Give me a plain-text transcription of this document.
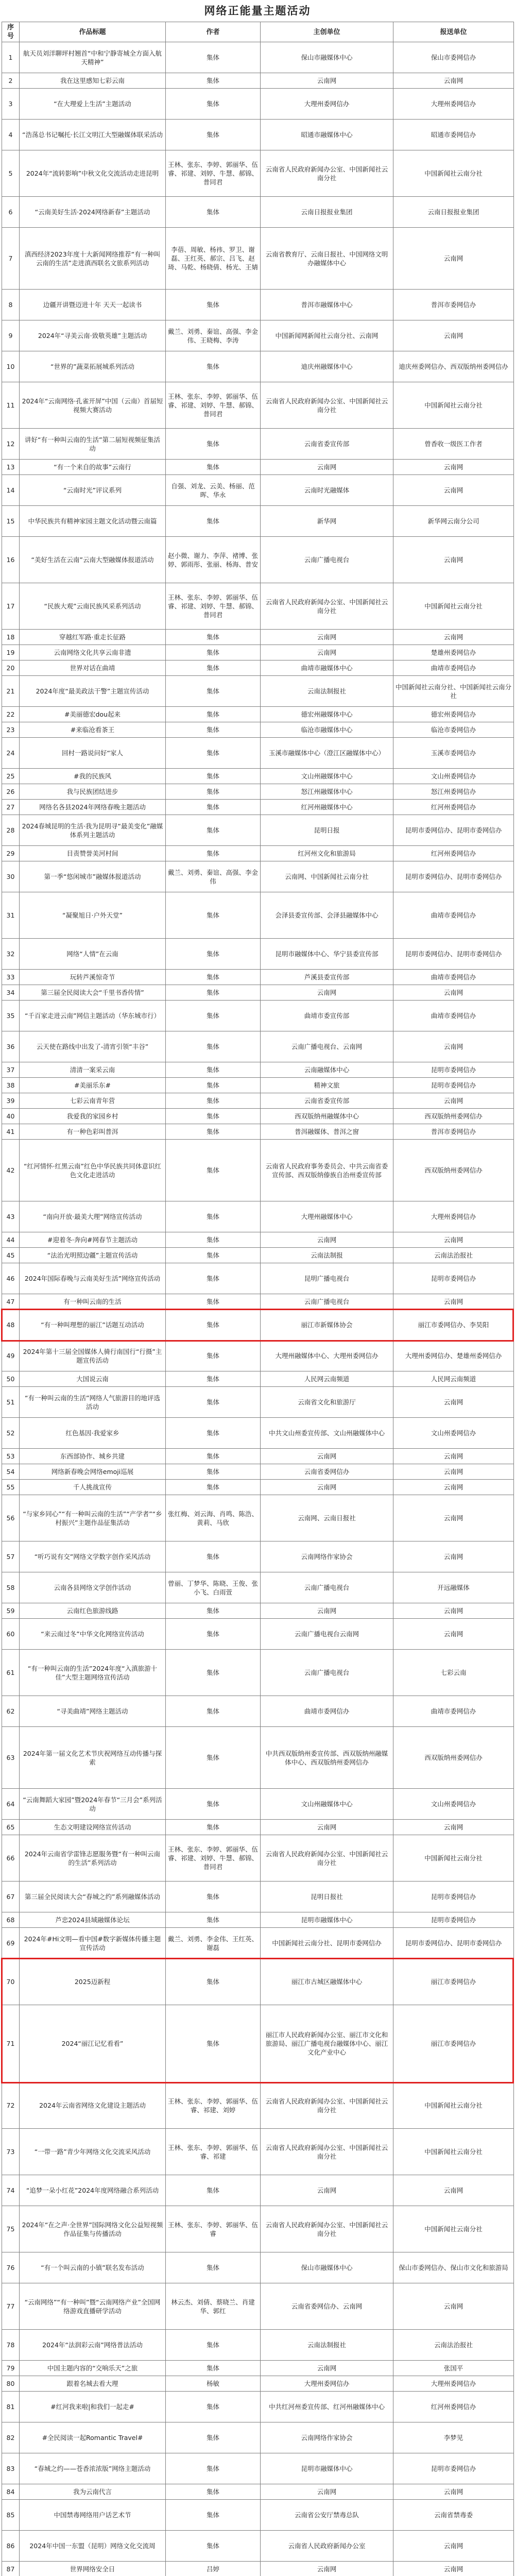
网络正能量主题活动
序号	作品标题	作者	主创单位	报送单位
1	航天员刘洋聊坪村翘首“中和宁静寄城全方面入航天精神”	集体	保山市融媒体中心	保山市委网信办
2	我在这里感知七彩云南	集体	云南网	云南网
3	“在大理爱上生活”主题活动	集体	大理州委网信办	大理州委网信办
4	“浩荡总书记嘱托·长江文明江大型融媒体联采活动	集体	昭通市融媒体中心	昭通市委网信办
5	2024年“流转影响”中秋文化交流活动走进昆明	王林、张东、李婷、郭丽华、伍睿、祁建、刘婷、牛慧、郝锦、普同君	云南省人民政府新闻办公室、中国新闻社云南分社	中国新闻社云南分社
6	“云南美好生活·2024网络新春”主题活动	集体	云南日报报业集团	云南日报报业集团
7	滇西经济2023年度十大新闻网络推荐“有一种叫云南的生活”走进滇西联名文旅系列活动	李蓓、周敏、杨祎、罗卫、谢磊、王红英、郝宗、吕飞、赵琦、马乾、杨晓倩、杨光、王婧	云南省教育厅、云南日报社、中国网络文明办融媒体中心	云南网
8	边疆开讲暨迈进十年 天天一起读书	集体	普洱市融媒体中心	普洱市委网信办
9	2024年“寻美云南·致敬英雄”主题活动	戴兰、刘勇、秦谊、高强、李金伟、王晓梅、李涛	中国新闻网新闻社云南分社、云南网	云南网
10	“世界的”蔬菜拓展城系列活动	集体	迪庆州融媒体中心	迪庆州委网信办、西双版纳州委网信办
11	2024年“云南网络·孔雀开屏”中国（云南）首届短视频大赛活动	王林、张东、李婷、郭丽华、伍睿、祁建、刘婷、牛慧、郝锦、普同君	云南省人民政府新闻办公室、中国新闻社云南分社	中国新闻社云南分社
12	讲好“有一种叫云南的生活”第二届短视频征集活动	集体	云南省委宣传部	曾香收一级医工作者
13	“有一个来自的故事”云南行	集体	云南网	云南网
14	“云南时光”评议系列	自强、刘龙、云美、杨丽、范晖、华永	云南时光融媒体	云南网
15	中华民族共有精神家园主题文化活动暨云南篇	集体	新华网	新华网云南分公司
16	“美好生活在云南”云南大型融媒体报道活动	赵小微、谢力、李萍、褚博、张婷、郭雨彤、张丽、杨海、普安	云南广播电视台	云南网
17	“民族大观”云南民族风采系列活动	王林、张东、李婷、郭丽华、伍睿、祁建、刘婷、牛慧、郝锦、普同君	云南省人民政府新闻办公室、中国新闻社云南分社	中国新闻社云南分社
18	穿越红军路·重走长征路	集体	云南网	云南网
19	云南网络文化共享云南非遗	集体	云南网	楚雄州委网信办
20	世界对话在曲靖	集体	曲靖市融媒体中心	曲靖市委网信办
21	2024年度“最美政法干警”主题宣传活动	集体	云南法制报社	中国新闻社云南分社、中国新闻社云南分社
22	#美丽德宏dou起来	集体	德宏州融媒体中心	德宏州委网信办
23	#来临沧看茶王	集体	临沧市融媒体中心	临沧市委网信办
24	回村一路说问好“家人	集体	玉溪市融媒体中心（澄江区融媒体中心）	玉溪市委网信办
25	#我的民族风	集体	文山州融媒体中心	文山州委网信办
26	我与民族团结进步	集体	怒江州融媒体中心	怒江州委网信办
27	网络名各县2024年网络春晚主题活动	集体	红河州融媒体中心	红河州委网信办
28	2024春城昆明的生活·我为昆明寻“最美变化”融媒体系列主题活动	集体	昆明日报	昆明市委网信办、昆明市委网信办
29	目责赞誉美河村间	集体	红河州文化和旅游局	红河州委网信办
30	第一季“悠闲城市”融媒体报道活动	戴兰、刘勇、秦谊、高强、李金伟	云南网、中国新闻社云南分社	昆明市委网信办、昆明市委网信办
31	“凝聚旭日·户外天堂”	集体	会泽县委宣传部、会泽县融媒体中心	曲靖市委网信办
32	网络“人情”在云南	集体	昆明市融媒体中心、华宁县委宣传部	昆明市委网信办、昆明市委网信办
33	玩转芦溪惊奇节	集体	芦溪县委宣传部	曲靖市委网信办
34	第三届全民阅读大会“千里书香传情”	集体	云南网	云南网
35	“千百家走进云南”网信主题活动（华东城市行）	集体	曲靖市委宣传部	曲靖市委网信办
36	云天使在路线中出发了-清宵引领“丰谷”	集体	云南广播电视台、云南网	云南网
37	清清一案采云南	集体	云南融媒体中心	昆明市委网信办
38	#美丽乐东#	集体	精神文旅	昆明市委网信办
39	七彩云南青年营	集体	云南省委宣传部	云南网
40	我爱我的家园乡村	集体	西双版纳州融媒体中心	西双版纳州委网信办
41	有一种色彩叫普洱	集体	普洱融媒体、普洱之窗	普洱市委网信办
42	“红河情怀·红黑云南”红色中华民族共同体意识红色文化走进活动	集体	云南省人民政府事务委员会、中共云南省委宣传部、西双版纳傣族自治州委宣传部	西双版纳州委网信办
43	“南向开放·最美大理”网络宣传活动	集体	大理州融媒体中心	大理州委网信办
44	#迎着冬·奔向#网春节主题活动	集体	云南网	云南网
45	“法治光明照边疆”主题宣传活动	集体	云南法制报	云南法治报社
46	2024年国际春晚与云南美好生活”网络宣传活动	集体	昆明广播电视台	昆明市委网信办
47	有一种叫云南的生活	集体	云南广播电视台	云南网
48	“有一种叫理想的丽江”话题互动活动	集体	丽江市新媒体协会	丽江市委网信办、李昊阳
49	2024年第十三届全国媒体人骑行南国行“行摄”主题宣传活动	集体	大理州融媒体中心、大理州委网信办	大理州委网信办、楚雄州委网信办
50	大国说云南	集体	人民网云南频道	人民网云南频道
51	“有一种叫云南的生活”网络人气旅游目的地评选活动	集体	云南省文化和旅游厅	云南网
52	红色基因·我爱家乡	集体	中共文山州委宣传部、文山州融媒体中心	文山州委网信办
53	东西部协作、城乡共建	集体	云南网	云南网
54	网络新春晚会网络emoji巡展	集体	云南省委网信办	云南网
55	千人挑战宣传	集体	云南网	云南网
56	“与家乡同心”“有一种叫云南的生活”“产学者”“乡村振兴”主题作品征集活动	张红梅、刘云海、肖鸣、陈浩、黄莉、马欣	云南网、云南日报社	云南网
57	“听巧说有交”网络文学数字创作采风活动	集体	云南网络作家协会	云南网
58	云南各县网络文学创作活动	曾丽、丁梦华、陈晓、王俊、张小飞、白雨萱	云南广播电视台	开远融媒体
59	云南红色旅游线路	集体	云南网	云南网
60	“来云南过冬”中华文化网络宣传活动	集体	云南广播电视台云南网	云南网
61	“有一种叫云南的生活”2024年度“入滇旅游十佳”大型主题网络宣传活动	集体	云南广播电视台	七彩云南
62	“寻美曲靖”网络主题活动	集体	曲靖市委网信办	曲靖市委网信办
63	2024年第一届文化艺术节庆祝网络互动传播与探索	集体	中共西双版纳州委宣传部、西双版纳州融媒体中心、西双版纳州委网信办	西双版纳州委网信办
64	“云南舞蹈大家园”暨2024年春节“三月会”系列活动	集体	文山州融媒体中心	文山州委网信办
65	生态文明建设网络宣传活动	集体	云南网	云南网
66	2024年云南省学雷锋志愿服务暨“有一种叫云南的生活”系列活动	王林、张东、李婷、郭丽华、伍睿、祁建、刘婷、牛慧、郝锦、普同君	云南省人民政府新闻办公室、中国新闻社云南分社	中国新闻社云南分社
67	第三届全民阅读大会“春城之约”系列融媒体活动	集体	昆明日报社	昆明市委网信办
68	芦忠2024县域融媒体论坛	集体	昆明市融媒体中心	昆明市委网信办
69	2024年#Hi文明—看中国#数字新媒体传播主题宣传活动	戴兰、刘勇、李金伟、王红英、谢磊	中国新闻社云南分社、昆明市委网信办	昆明市委网信办、昆明市委网信办
70	2025迈新程	集体	丽江市古城区融媒体中心	丽江市委网信办
71	2024“丽江记忆看看”	集体	丽江市人民政府新闻办公室、丽江市文化和旅游局、丽江广播电视台融媒体中心、丽江文化产业中心	丽江市委网信办
72	2024年云南省网络文化建设主题活动	王林、张东、李婷、郭丽华、伍睿、祁建、刘婷	云南省人民政府新闻办公室、中国新闻社云南分社	中国新闻社云南分社
73	“一带一路”青少年网络文化交流采风活动	王林、张东、李婷、郭丽华、伍睿、祁建	云南省人民政府新闻办公室、中国新闻社云南分社	中国新闻社云南分社
74	“追梦一朵小红花”2024年度网络融合系列活动	集体	云南网	云南网
75	2024年“在之声·全世界”国际网络文化公益短视频作品征集与传播活动	王林、张东、李婷、郭丽华、伍睿	云南省人民政府新闻办公室、中国新闻社云南分社	中国新闻社云南分社
76	“有一个叫云南的小镇”联名发布活动	集体	保山市融媒体中心	保山市委网信办、保山市文化和旅游局
77	“云南网络”“有一种叫”暨“云南网络产业”全国网络游戏直播研学活动	林云杰、刘倩、蔡晓兰、肖建华、郭红	云南省委网信办、云南网	云南网
78	2024年“法润彩云南”网络普法活动	集体	云南法制报社	云南法治报社
79	中国主题内容的“交响乐天”之旅	集体	云南网	张国平
80	跟着名城去看大理	杨敏	大理州委网信办	大理州委网信办
81	#红河我来啦|和我们一起走#	集体	中共红河州委宣传部、红河州融媒体中心	红河州委网信办
82	#全民阅读一起Romantic Travel#	集体	云南网络作家协会	李梦见
83	“春城之约——苍香浓浓版”网络主题活动	集体	昆明市融媒体中心	昆明市委网信办
84	我为云南代言	集体	云南网	云南网
85	中国禁毒网络用户话艺术节	集体	云南省公安厅禁毒总队	云南省禁毒委
86	2024年中国一东盟（昆明）网络文化交流周	集体	云南省人民政府新闻办公室	云南网
87	世界网络安全日	吕婷	云南网	云南网
